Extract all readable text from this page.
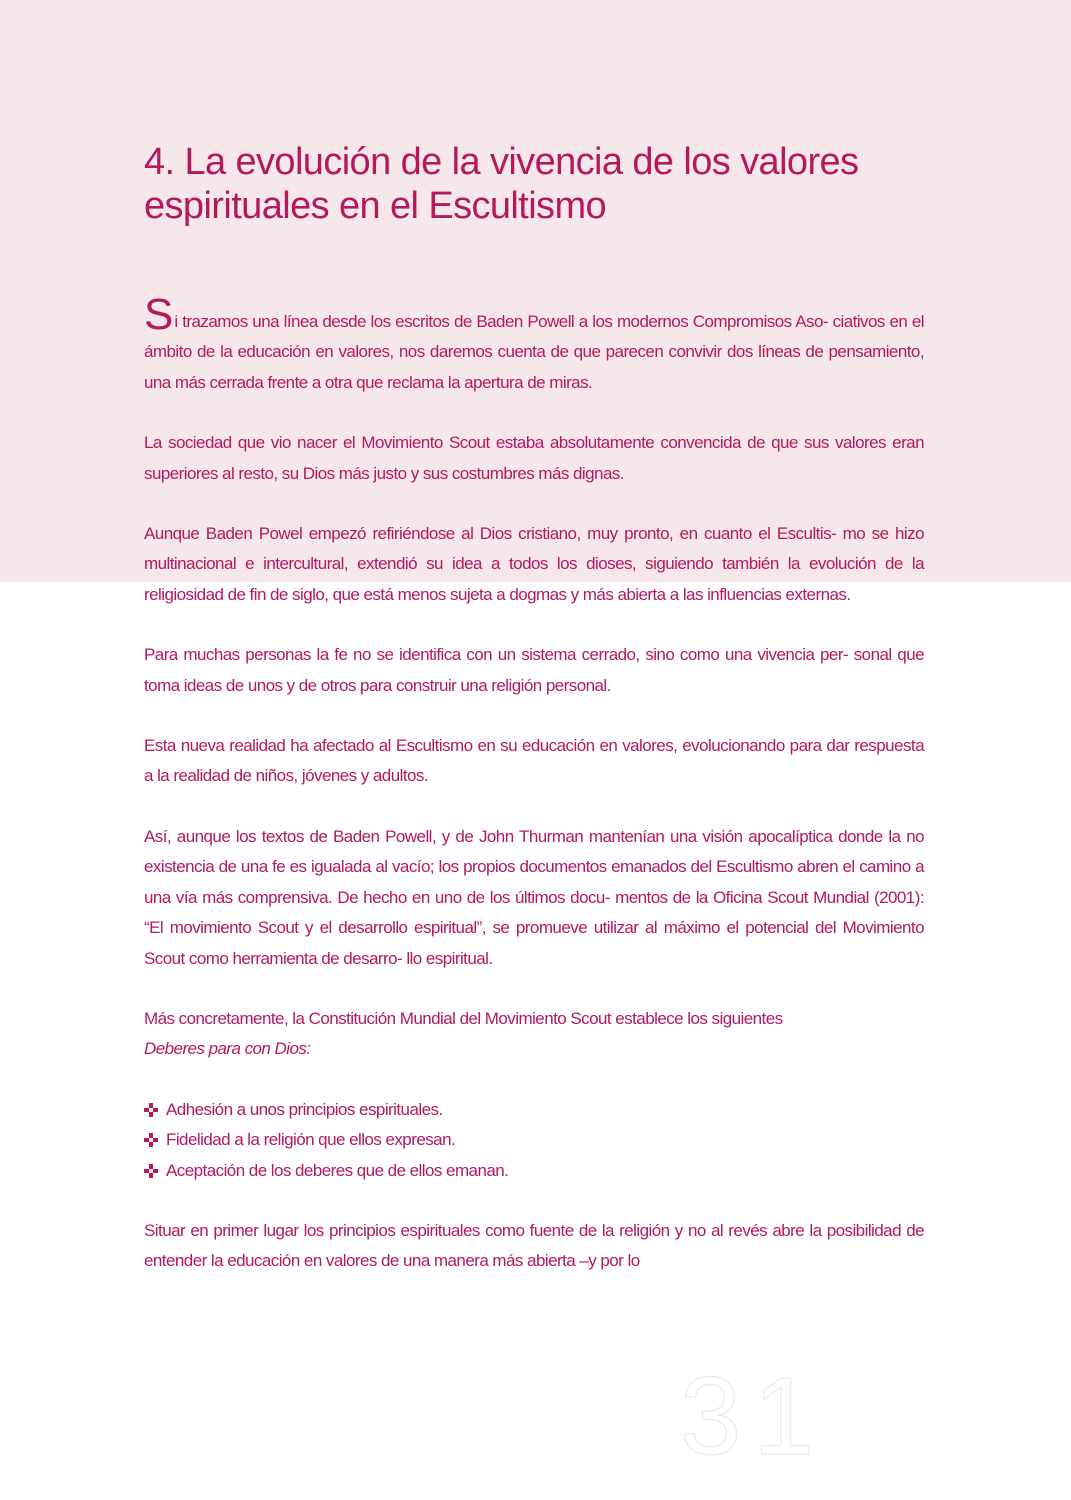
4. La evolución de la vivencia de los valores
espirituales en el Escultismo

Si trazamos una línea desde los escritos de Baden Powell a los modernos Compromisos Aso- ciativos en el ámbito de la educación en valores, nos daremos cuenta de que parecen convivir dos líneas de pensamiento, una más cerrada frente a otra que reclama la apertura de miras.

La sociedad que vio nacer el Movimiento Scout estaba absolutamente convencida de que sus valores eran superiores al resto, su Dios más justo y sus costumbres más dignas.

Aunque Baden Powel empezó refiriéndose al Dios cristiano, muy pronto, en cuanto el Escultis- mo se hizo multinacional e intercultural, extendió su idea a todos los dioses, siguiendo también la evolución de la religiosidad de fin de siglo, que está menos sujeta a dogmas y más abierta a las influencias externas.

Para muchas personas la fe no se identifica con un sistema cerrado, sino como una vivencia per- sonal que toma ideas de unos y de otros para construir una religión personal.

Esta nueva realidad ha afectado al Escultismo en su educación en valores, evolucionando para dar respuesta a la realidad de niños, jóvenes y adultos.

Así, aunque los textos de Baden Powell, y de John Thurman mantenían una visión apocalíptica donde la no existencia de una fe es igualada al vacío; los propios documentos emanados del Escultismo abren el camino a una vía más comprensiva. De hecho en uno de los últimos docu- mentos de la Oficina Scout Mundial (2001): “El movimiento Scout y el desarrollo espiritual”, se promueve utilizar al máximo el potencial del Movimiento Scout como herramienta de desarro- llo espiritual.

Más concretamente, la Constitución Mundial del Movimiento Scout establece los siguientes
Deberes para con Dios:

Adhesión a unos principios espirituales.
Fidelidad a la religión que ellos expresan.
Aceptación de los deberes que de ellos emanan.

Situar en primer lugar los principios espirituales como fuente de la religión y no al revés abre la posibilidad de entender la educación en valores de una manera más abierta –y por lo

31
